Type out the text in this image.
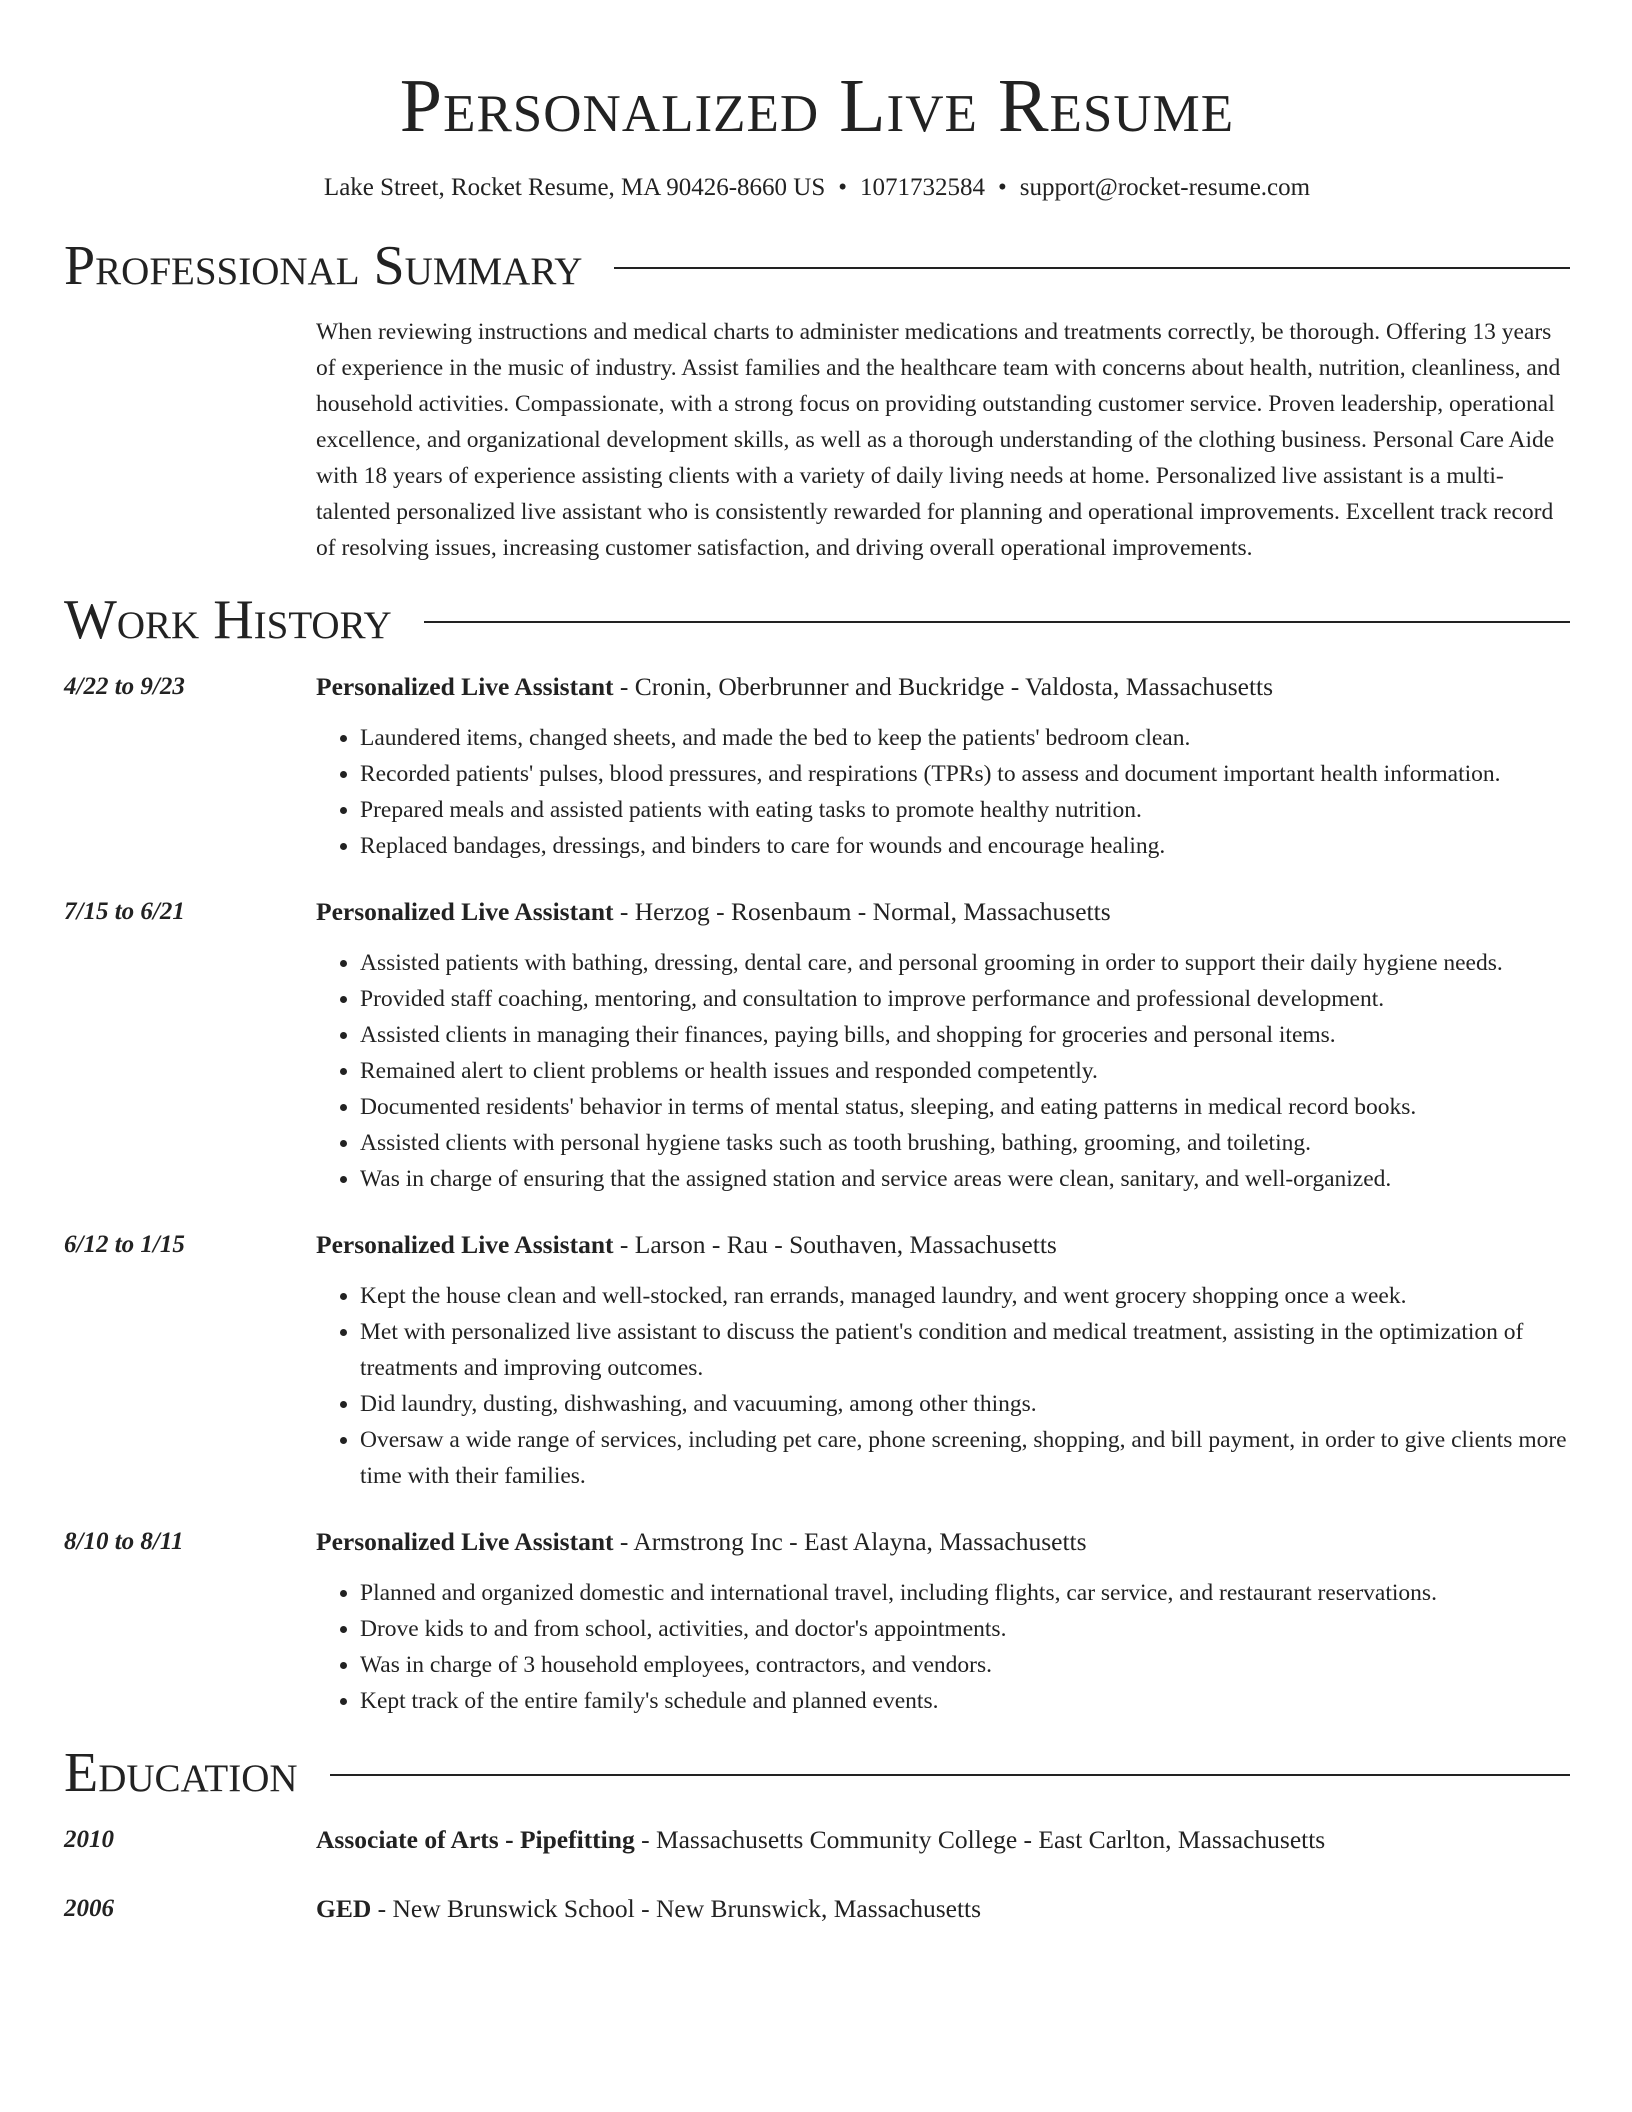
Personalized Live Resume
Lake Street, Rocket Resume, MA 90426-8660 US • 1071732584 • support@rocket-resume.com
Professional Summary
When reviewing instructions and medical charts to administer medications and treatments correctly, be thorough. Offering 13 years of experience in the music of industry. Assist families and the healthcare team with concerns about health, nutrition, cleanliness, and household activities. Compassionate, with a strong focus on providing outstanding customer service. Proven leadership, operational excellence, and organizational development skills, as well as a thorough understanding of the clothing business. Personal Care Aide with 18 years of experience assisting clients with a variety of daily living needs at home. Personalized live assistant is a multi-talented personalized live assistant who is consistently rewarded for planning and operational improvements. Excellent track record of resolving issues, increasing customer satisfaction, and driving overall operational improvements.
Work History
4/22 to 9/23	Personalized Live Assistant - Cronin, Oberbrunner and Buckridge - Valdosta, Massachusetts
• Laundered items, changed sheets, and made the bed to keep the patients' bedroom clean.
• Recorded patients' pulses, blood pressures, and respirations (TPRs) to assess and document important health information.
• Prepared meals and assisted patients with eating tasks to promote healthy nutrition.
• Replaced bandages, dressings, and binders to care for wounds and encourage healing.
7/15 to 6/21	Personalized Live Assistant - Herzog - Rosenbaum - Normal, Massachusetts
• Assisted patients with bathing, dressing, dental care, and personal grooming in order to support their daily hygiene needs.
• Provided staff coaching, mentoring, and consultation to improve performance and professional development.
• Assisted clients in managing their finances, paying bills, and shopping for groceries and personal items.
• Remained alert to client problems or health issues and responded competently.
• Documented residents' behavior in terms of mental status, sleeping, and eating patterns in medical record books.
• Assisted clients with personal hygiene tasks such as tooth brushing, bathing, grooming, and toileting.
• Was in charge of ensuring that the assigned station and service areas were clean, sanitary, and well-organized.
6/12 to 1/15	Personalized Live Assistant - Larson - Rau - Southaven, Massachusetts
• Kept the house clean and well-stocked, ran errands, managed laundry, and went grocery shopping once a week.
• Met with personalized live assistant to discuss the patient's condition and medical treatment, assisting in the optimization of treatments and improving outcomes.
• Did laundry, dusting, dishwashing, and vacuuming, among other things.
• Oversaw a wide range of services, including pet care, phone screening, shopping, and bill payment, in order to give clients more time with their families.
8/10 to 8/11	Personalized Live Assistant - Armstrong Inc - East Alayna, Massachusetts
• Planned and organized domestic and international travel, including flights, car service, and restaurant reservations.
• Drove kids to and from school, activities, and doctor's appointments.
• Was in charge of 3 household employees, contractors, and vendors.
• Kept track of the entire family's schedule and planned events.
Education
2010	Associate of Arts - Pipefitting - Massachusetts Community College - East Carlton, Massachusetts
2006	GED - New Brunswick School - New Brunswick, Massachusetts
